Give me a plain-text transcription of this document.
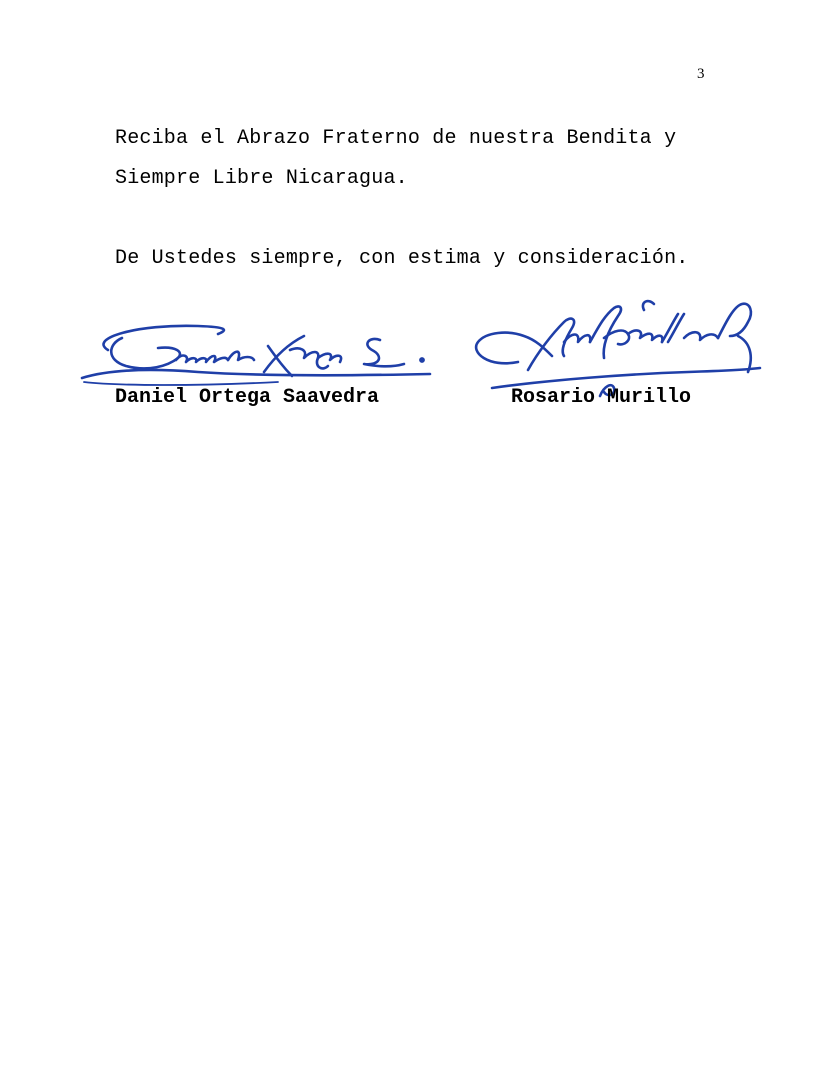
3
Reciba el Abrazo Fraterno de nuestra Bendita y
Siempre Libre Nicaragua.
De Ustedes siempre, con estima y consideración.
Daniel Ortega Saavedra	Rosario Murillo
